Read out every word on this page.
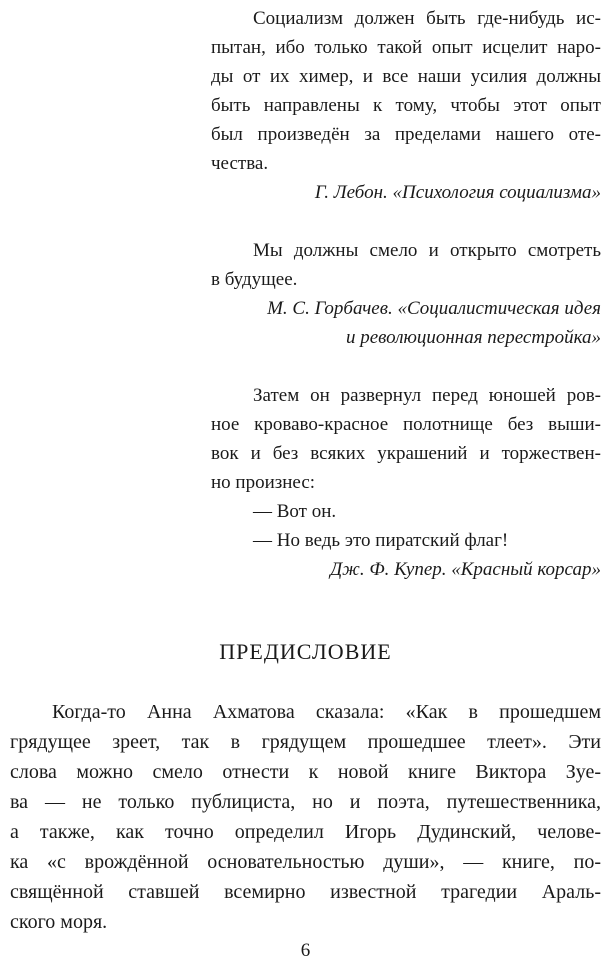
Социализм должен быть где-нибудь ис-
пытан, ибо только такой опыт исцелит наро-
ды от их химер, и все наши усилия должны
быть направлены к тому, чтобы этот опыт
был произведён за пределами нашего оте-
чества.
Г. Лебон. «Психология социализма»
Мы должны смело и открыто смотреть
в будущее.
М. С. Горбачев. «Социалистическая идея
и революционная перестройка»
Затем он развернул перед юношей ров-
ное кроваво-красное полотнище без выши-
вок и без всяких украшений и торжествен-
но произнес:
— Вот он.
— Но ведь это пиратский флаг!
Дж. Ф. Купер. «Красный корсар»
ПРЕДИСЛОВИЕ
Когда-то Анна Ахматова сказала: «Как в прошедшем
грядущее зреет, так в грядущем прошедшее тлеет». Эти
слова можно смело отнести к новой книге Виктора Зуе-
ва — не только публициста, но и поэта, путешественника,
а также, как точно определил Игорь Дудинский, челове-
ка «с врождённой основательностью души», — книге, по-
свящённой ставшей всемирно известной трагедии Араль-
ского моря.
6
